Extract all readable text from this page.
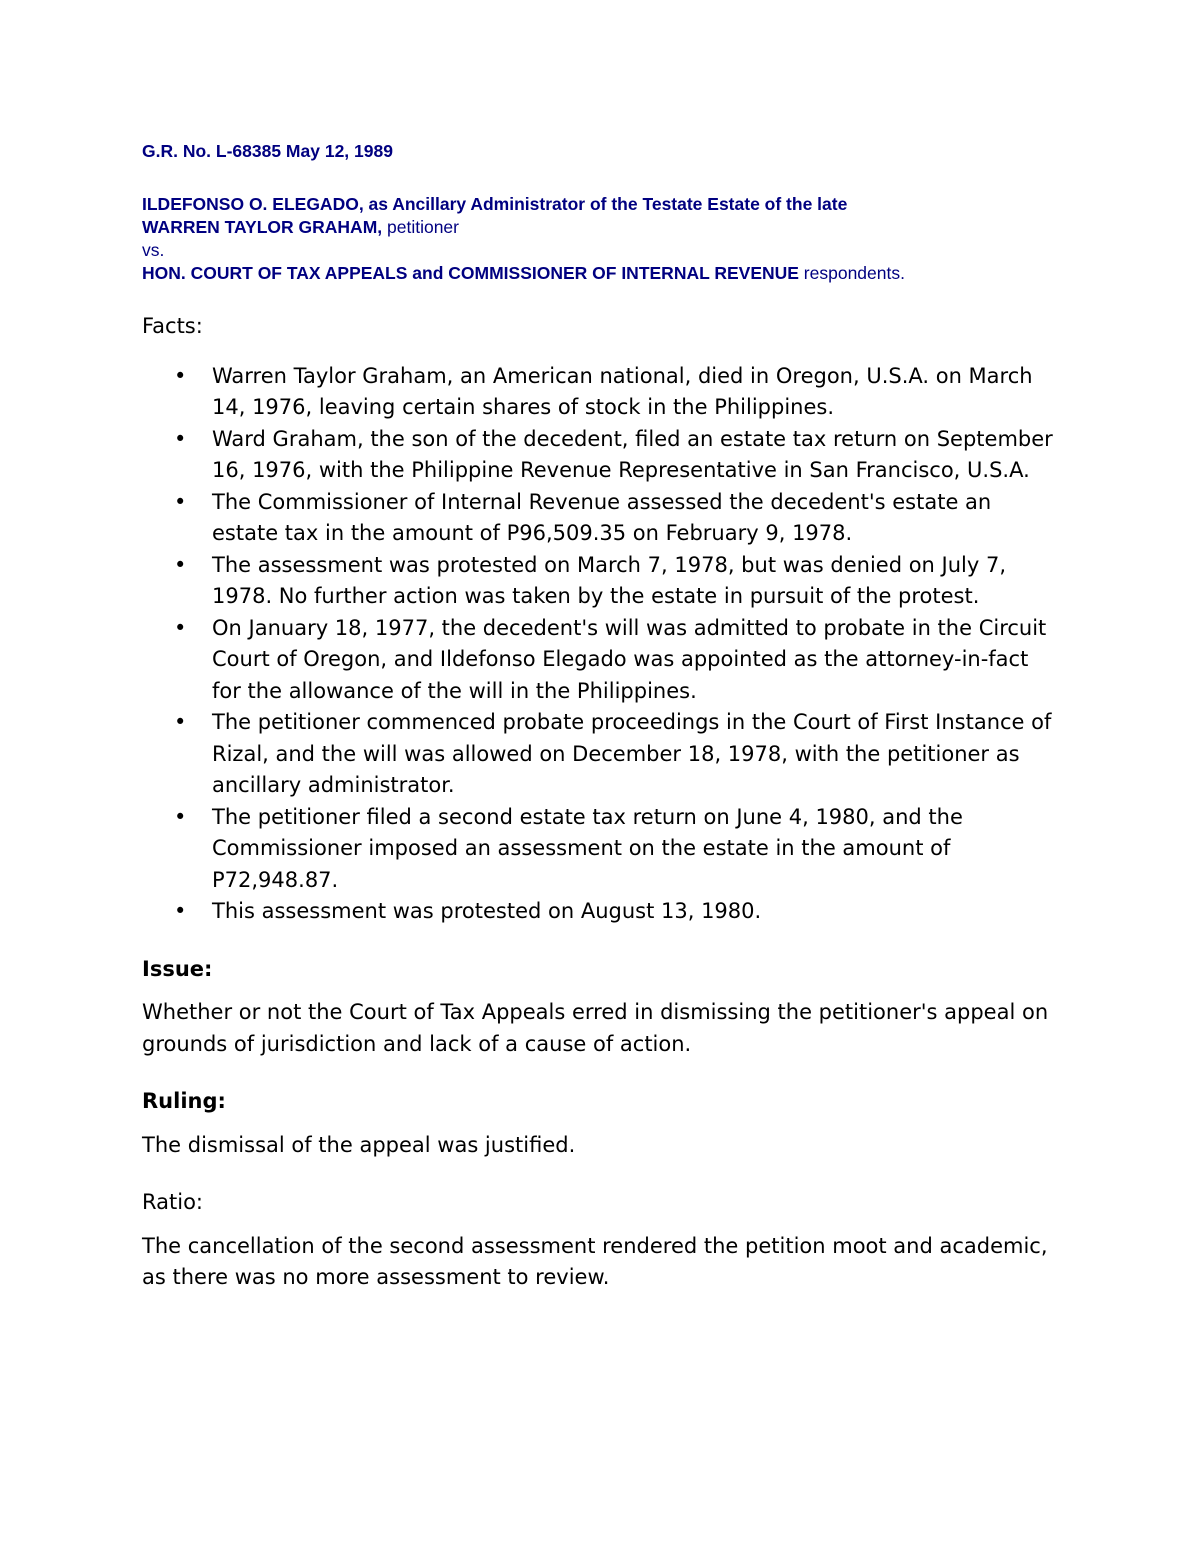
G.R. No. L-68385 May 12, 1989

ILDEFONSO O. ELEGADO, as Ancillary Administrator of the Testate Estate of the late

WARREN TAYLOR GRAHAM, petitioner

vs.

HON. COURT OF TAX APPEALS and COMMISSIONER OF INTERNAL REVENUE respondents.

Facts:

• Warren Taylor Graham, an American national, died in Oregon, U.S.A. on March 14, 1976, leaving certain shares of stock in the Philippines.
• Ward Graham, the son of the decedent, filed an estate tax return on September 16, 1976, with the Philippine Revenue Representative in San Francisco, U.S.A.
• The Commissioner of Internal Revenue assessed the decedent's estate an estate tax in the amount of P96,509.35 on February 9, 1978.
• The assessment was protested on March 7, 1978, but was denied on July 7, 1978. No further action was taken by the estate in pursuit of the protest.
• On January 18, 1977, the decedent's will was admitted to probate in the Circuit Court of Oregon, and Ildefonso Elegado was appointed as the attorney-in-fact for the allowance of the will in the Philippines.
• The petitioner commenced probate proceedings in the Court of First Instance of Rizal, and the will was allowed on December 18, 1978, with the petitioner as ancillary administrator.
• The petitioner filed a second estate tax return on June 4, 1980, and the Commissioner imposed an assessment on the estate in the amount of P72,948.87.
• This assessment was protested on August 13, 1980.

Issue:

Whether or not the Court of Tax Appeals erred in dismissing the petitioner's appeal on grounds of jurisdiction and lack of a cause of action.

Ruling:

The dismissal of the appeal was justified.

Ratio:

The cancellation of the second assessment rendered the petition moot and academic, as there was no more assessment to review.
